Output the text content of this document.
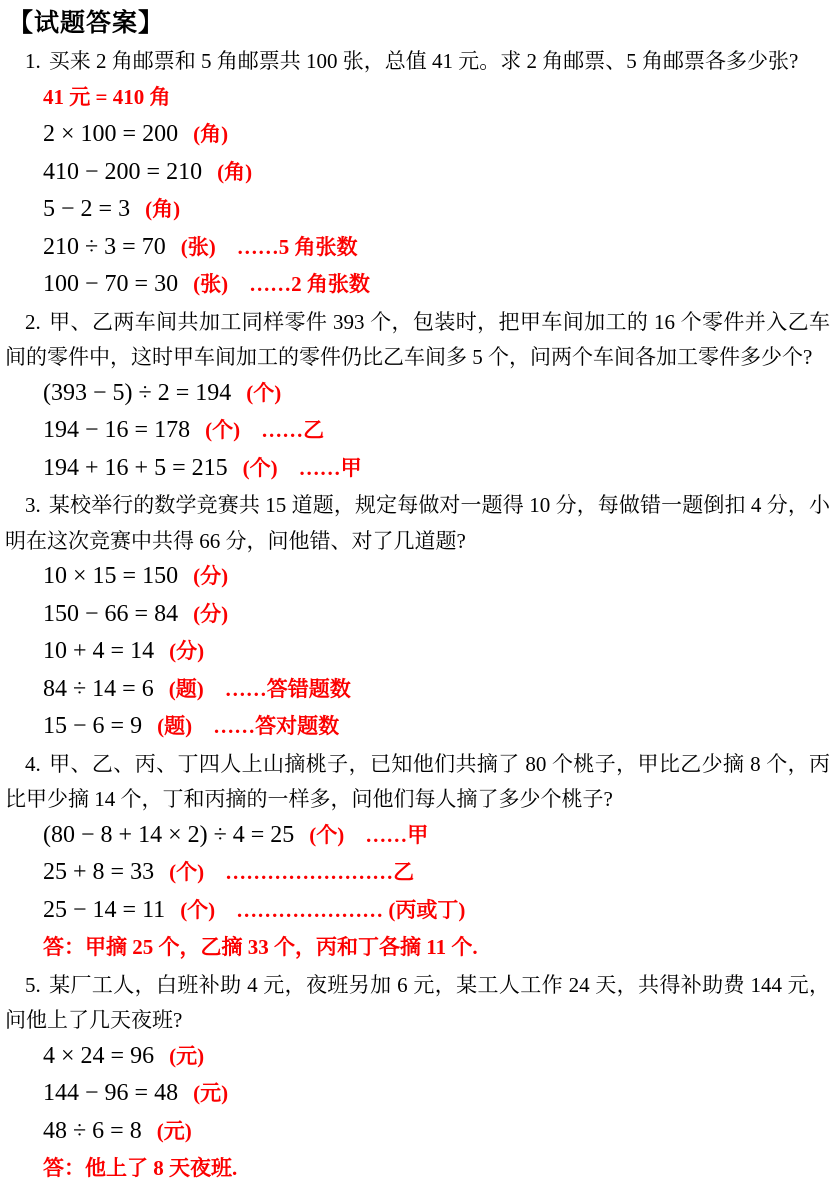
【试题答案】

1. 买来 2 角邮票和 5 角邮票共 100 张，总值 41 元。求 2 角邮票、5 角邮票各多少张?

41 元 = 410 角

2 × 100 = 200 (角)

410 − 200 = 210 (角)

5 − 2 = 3 (角)

210 ÷ 3 = 70 (张)　……5 角张数

100 − 70 = 30 (张)　……2 角张数

2. 甲、乙两车间共加工同样零件 393 个，包装时，把甲车间加工的 16 个零件并入乙车间的零件中，这时甲车间加工的零件仍比乙车间多 5 个，问两个车间各加工零件多少个?

(393 − 5) ÷ 2 = 194 (个)

194 − 16 = 178 (个)　……乙

194 + 16 + 5 = 215 (个)　……甲

3. 某校举行的数学竞赛共 15 道题，规定每做对一题得 10 分，每做错一题倒扣 4 分，小明在这次竞赛中共得 66 分，问他错、对了几道题?

10 × 15 = 150 (分)

150 − 66 = 84 (分)

10 + 4 = 14 (分)

84 ÷ 14 = 6 (题)　……答错题数

15 − 6 = 9 (题)　……答对题数

4. 甲、乙、丙、丁四人上山摘桃子，已知他们共摘了 80 个桃子，甲比乙少摘 8 个，丙比甲少摘 14 个，丁和丙摘的一样多，问他们每人摘了多少个桃子?

(80 − 8 + 14 × 2) ÷ 4 = 25 (个)　……甲

25 + 8 = 33 (个)　……………………乙

25 − 14 = 11 (个)　………………… (丙或丁)

答：甲摘 25 个，乙摘 33 个，丙和丁各摘 11 个.

5. 某厂工人，白班补助 4 元，夜班另加 6 元，某工人工作 24 天，共得补助费 144 元，问他上了几天夜班?

4 × 24 = 96 (元)

144 − 96 = 48 (元)

48 ÷ 6 = 8 (元)

答：他上了 8 天夜班.
